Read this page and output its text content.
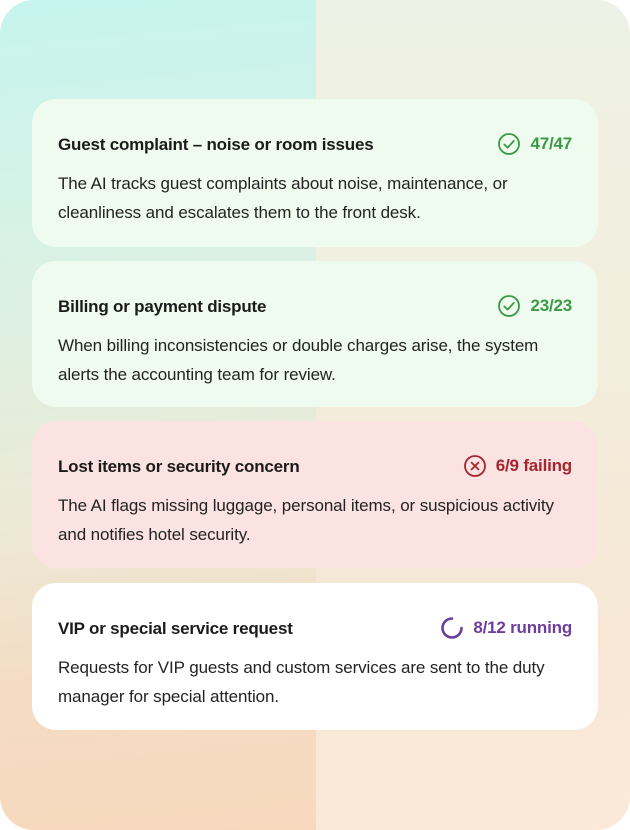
Guest complaint – noise or room issues	47/47
The AI tracks guest complaints about noise, maintenance, or cleanliness and escalates them to the front desk.
Billing or payment dispute	23/23
When billing inconsistencies or double charges arise, the system alerts the accounting team for review.
Lost items or security concern	6/9 failing
The AI flags missing luggage, personal items, or suspicious activity and notifies hotel security.
VIP or special service request	8/12 running
Requests for VIP guests and custom services are sent to the duty manager for special attention.
